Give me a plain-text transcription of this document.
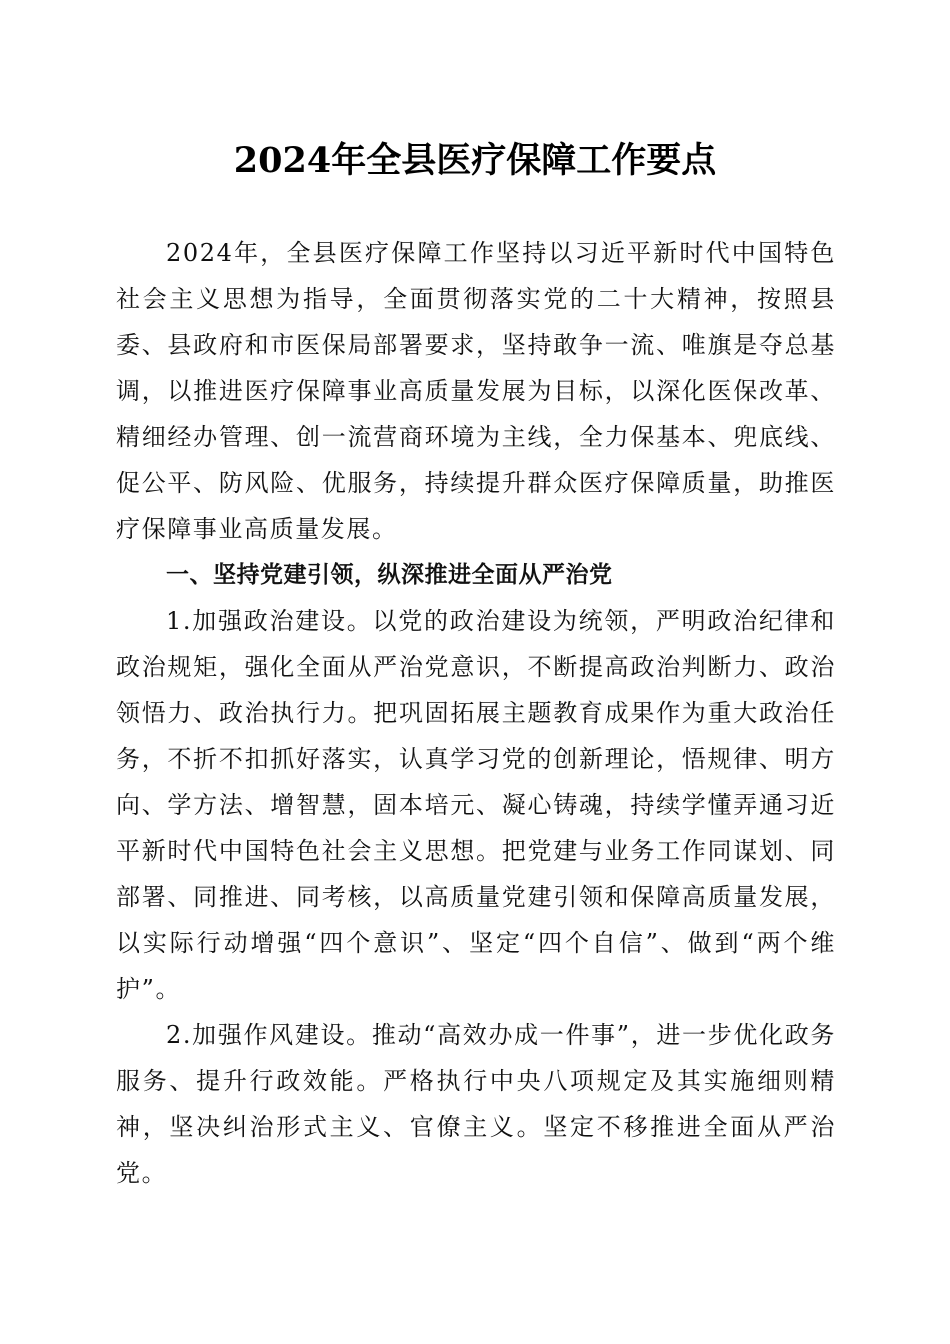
2024年全县医疗保障工作要点

2024年，全县医疗保障工作坚持以习近平新时代中国特色社会主义思想为指导，全面贯彻落实党的二十大精神，按照县委、县政府和市医保局部署要求，坚持敢争一流、唯旗是夺总基调，以推进医疗保障事业高质量发展为目标，以深化医保改革、精细经办管理、创一流营商环境为主线，全力保基本、兜底线、促公平、防风险、优服务，持续提升群众医疗保障质量，助推医疗保障事业高质量发展。

一、坚持党建引领，纵深推进全面从严治党

1.加强政治建设。以党的政治建设为统领，严明政治纪律和政治规矩，强化全面从严治党意识，不断提高政治判断力、政治领悟力、政治执行力。把巩固拓展主题教育成果作为重大政治任务，不折不扣抓好落实，认真学习党的创新理论，悟规律、明方向、学方法、增智慧，固本培元、凝心铸魂，持续学懂弄通习近平新时代中国特色社会主义思想。把党建与业务工作同谋划、同部署、同推进、同考核，以高质量党建引领和保障高质量发展，以实际行动增强“四个意识”、坚定“四个自信”、做到“两个维护”。

2.加强作风建设。推动“高效办成一件事”，进一步优化政务服务、提升行政效能。严格执行中央八项规定及其实施细则精神，坚决纠治形式主义、官僚主义。坚定不移推进全面从严治党。
